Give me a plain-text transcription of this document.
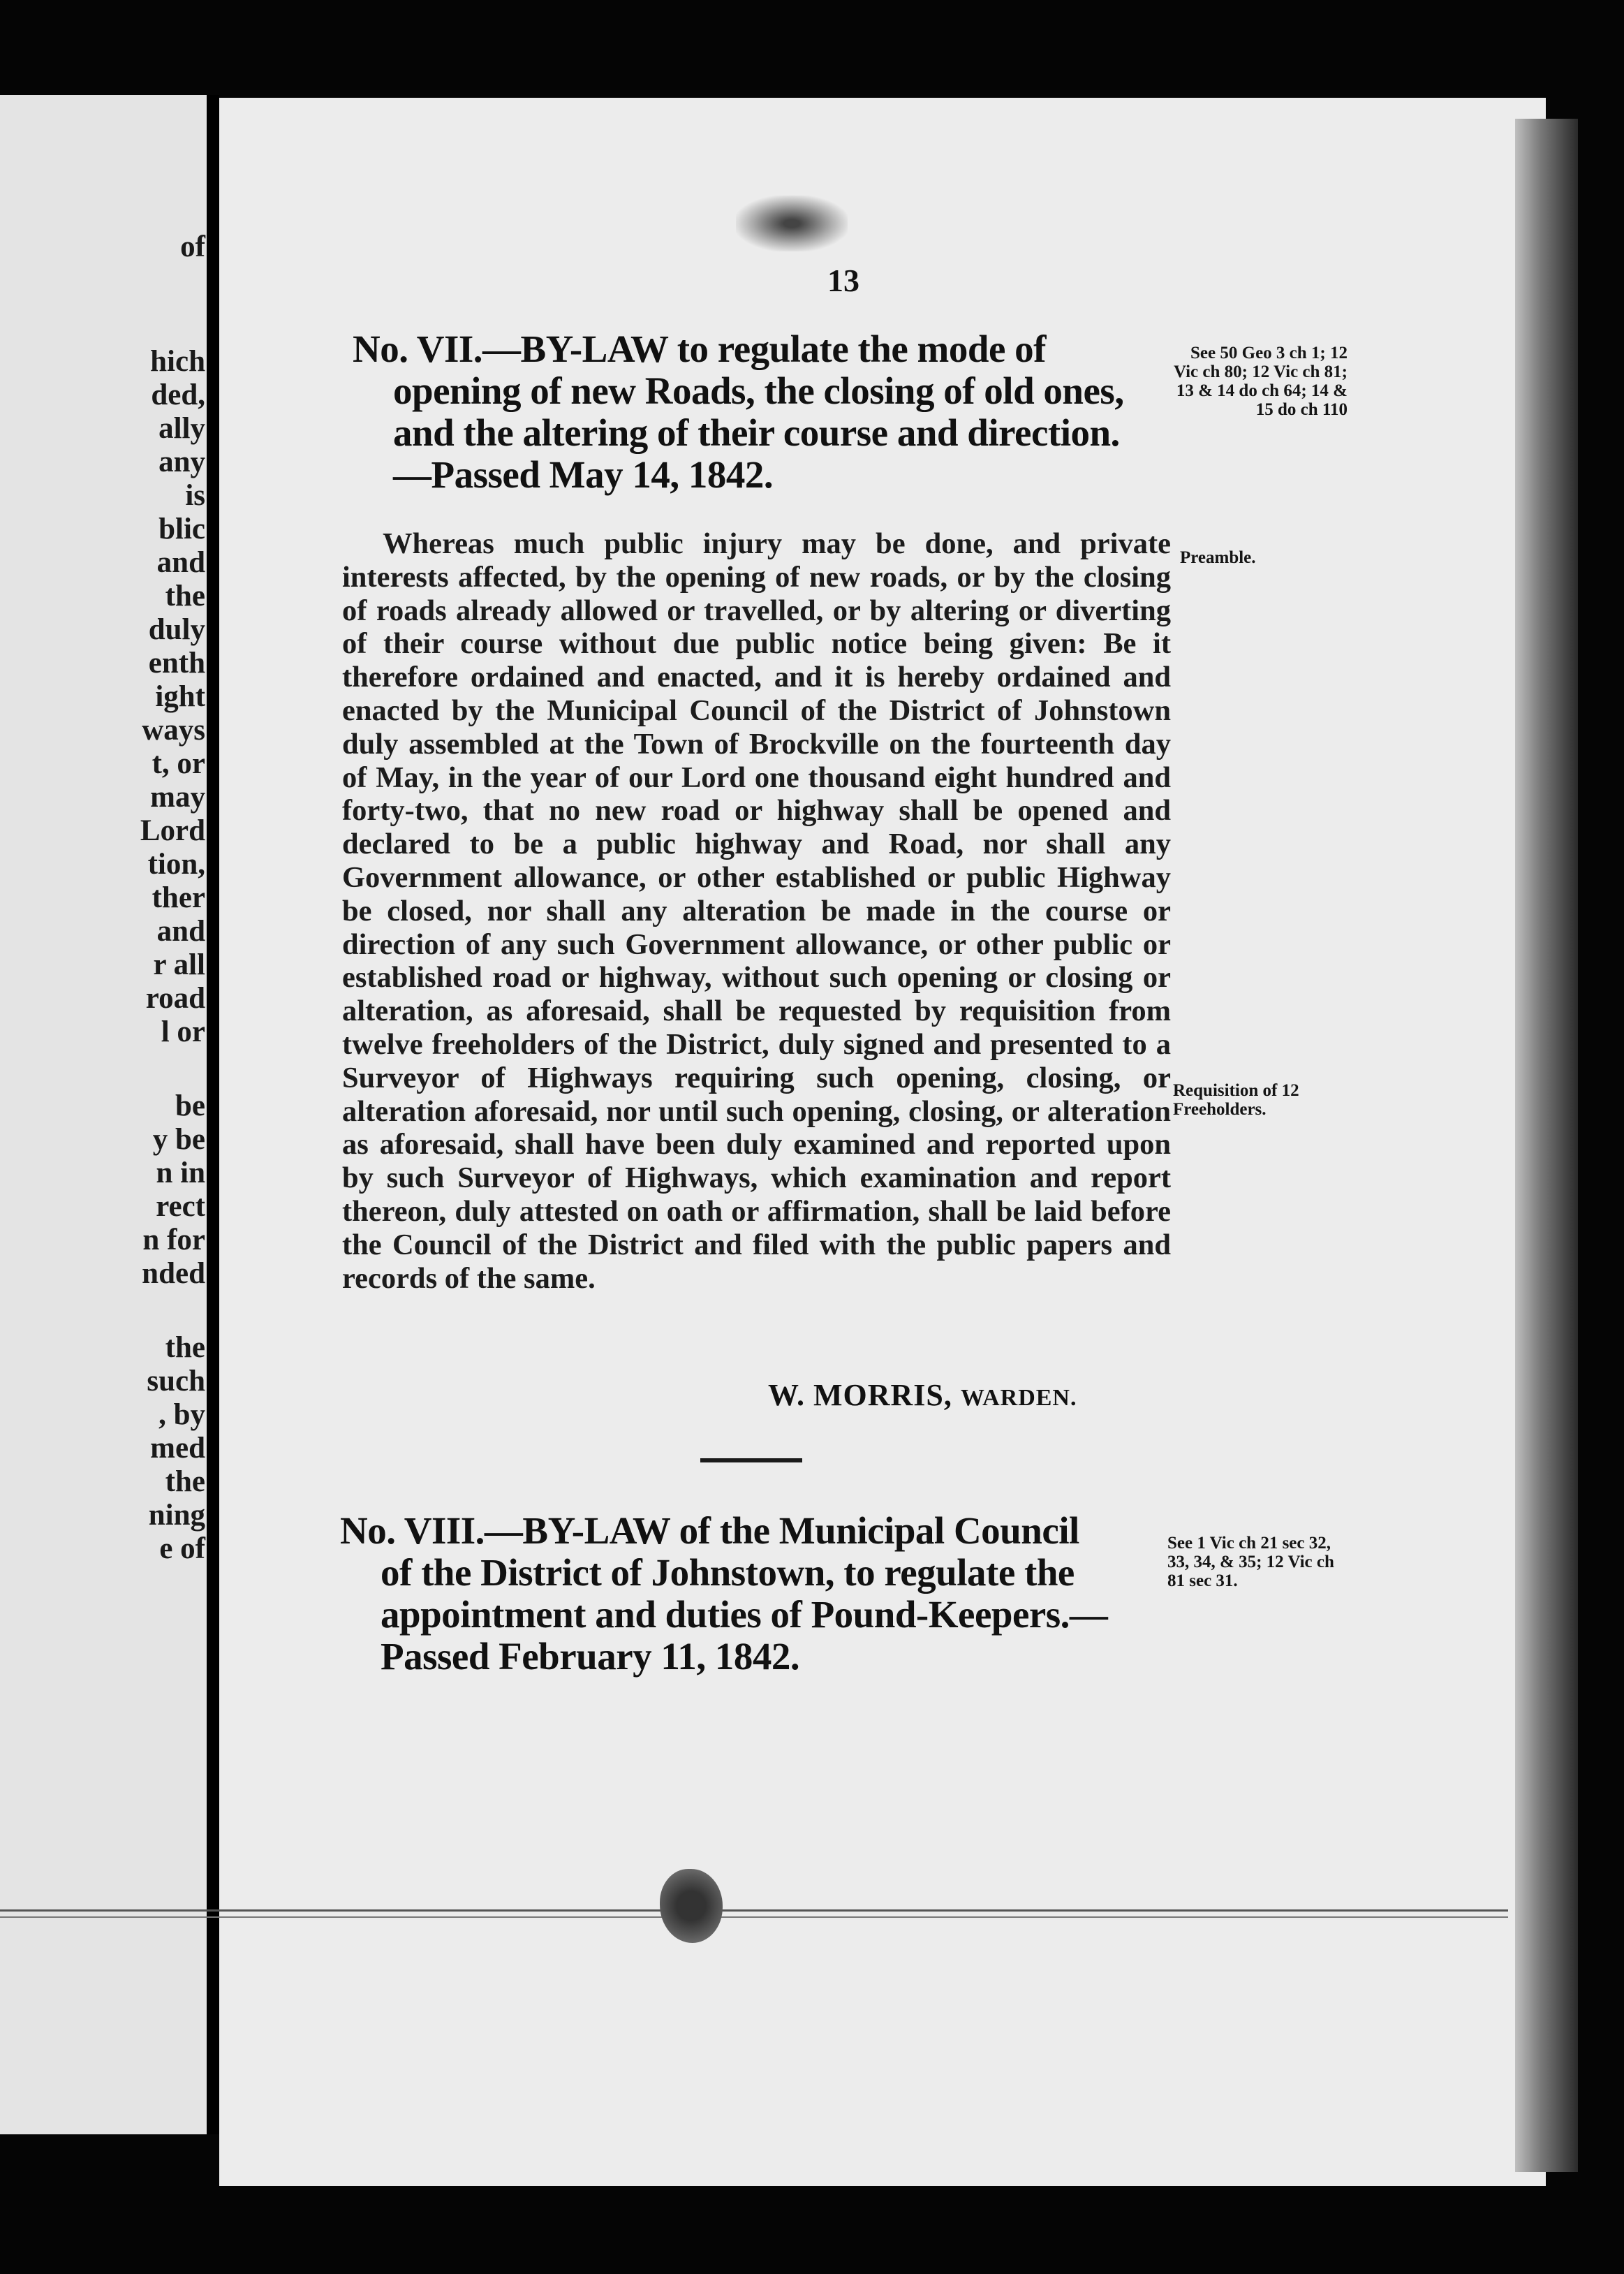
of
hich
ded,
ally
any
is
blic
and
the
duly
enth
ight
ways
t, or
may
Lord
tion,
ther
and
r all
road
l or
be
y be
n in
rect
n for
nded
the
such
, by
med
the
ning
e of
13
No. VII.—BY-LAW to regulate the mode of
opening of new Roads, the closing of old ones,
and the altering of their course and direction.
—Passed May 14, 1842.
See 50 Geo 3 ch 1; 12 Vic ch 80; 12 Vic ch 81; 13 & 14 do ch 64; 14 & 15 do ch 110

Whereas much public injury may be done, and private interests affected, by the opening of new roads, or by the closing of roads already allowed or travelled, or by altering or diverting of their course without due public notice being given: Be it therefore ordained and enacted, and it is hereby ordained and enacted by the Municipal Council of the District of Johnstown duly assembled at the Town of Brockville on the fourteenth day of May, in the year of our Lord one thousand eight hundred and forty-two, that no new road or highway shall be opened and declared to be a public highway and Road, nor shall any Government allowance, or other established or public Highway be closed, nor shall any alteration be made in the course or direction of any such Government allowance, or other public or established road or highway, without such opening or closing or alteration, as aforesaid, shall be requested by requisition from twelve freeholders of the District, duly signed and presented to a Surveyor of Highways requiring such opening, closing, or alteration aforesaid, nor until such opening, closing, or alteration as aforesaid, shall have been duly examined and reported upon by such Surveyor of Highways, which examination and report thereon, duly attested on oath or affirmation, shall be laid before the Council of the District and filed with the public papers and records of the same.

Preamble.
Requisition of 12 Freeholders.
W. MORRIS, WARDEN.
No. VIII.—BY-LAW of the Municipal Council
of the District of Johnstown, to regulate the
appointment and duties of Pound-Keepers.—
Passed February 11, 1842.
See 1 Vic ch 21 sec 32, 33, 34, & 35; 12 Vic ch 81 sec 31.
